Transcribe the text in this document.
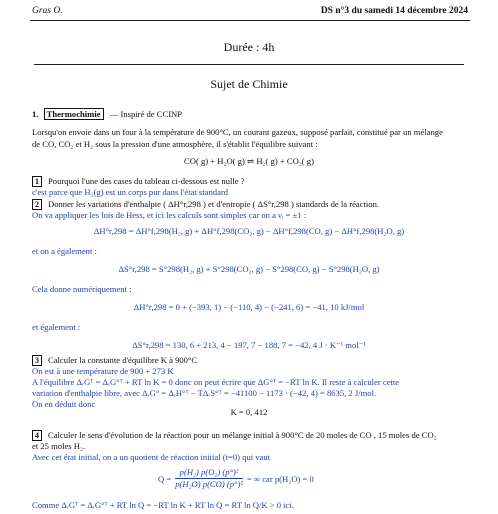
Gras O.	DS n°3 du samedi 14 décembre 2024
Durée : 4h
Sujet de Chimie
1. Thermochimie — Inspiré de CCINP
Lorsqu'on envoie dans un four à la température de 900°C, un courant gazeux, supposé parfait, constitué par un mélange
de CO, CO₂ et H₂ sous la pression d'une atmosphère, il s'établit l'équilibre suivant :
CO( g) + H₂O( g) ⇌ H₂( g) + CO₂( g)
1 Pourquoi l'une des cases du tableau ci-dessous est nulle ?
c'est parce que H₂(g) est un corps pur dans l'état standard
2 Donner les variations d'enthalpie ( ΔH°r,298 ) et d'entropie ( ΔS°r,298 ) standards de la réaction.
On va appliquer les lois de Hess, et ici les calculs sont simples car on a νᵢ = ±1 :
ΔH°r,298 = ΔH°f,298(H₂, g) + ΔH°f,298(CO₂, g) − ΔH°f,298(CO, g) − ΔH°f,298(H₂O, g)
et on a également :
ΔS°r,298 = S°298(H₂, g) + S°298(CO₂, g) − S°298(CO, g) − S°298(H₂O, g)
Cela donne numériquement :
ΔH°r,298 = 0 + (−393, 1) − (−110, 4) − (−241, 6) = −41, 10 kJ/mol
et également :
ΔS°r,298 = 130, 6 + 213, 4 − 197, 7 − 188, 7 = −42, 4 J · K⁻¹ mol⁻¹
3 Calculer la constante d'équilibre K à 900°C
On est à une température de 900 + 273 K
A l'équilibre ΔᵣGᵀ = ΔᵣG°ᵀ + RT ln K = 0 donc on peut écrire que ΔG°ᵀ = −RT ln K. Il reste à calculer cette
variation d'enthalpie libre, avec ΔᵣG° = ΔᵣH°ᵀ − TΔᵣS°ᵀ = −41100 − 1173 · (−42, 4) = 8635, 2 J/mol.
On en déduit donc
K = 0, 412
4 Calculer le sens d'évolution de la réaction pour un mélange initial à 900°C de 20 moles de CO , 15 moles de CO₂
et 25 moles H₂.
Avec cet état initial, on a un quotient de réaction initial (t=0) qui vaut
Q =
p(H₂) p(O₂) (p°)²
p(H₂O) p(CO) (p°)²
= ∞ car p(H₂O) = 0
Comme ΔᵣGᵀ = ΔᵣG°ᵀ + RT ln Q = −RT ln K + RT ln Q = RT ln Q/K > 0 ici.
